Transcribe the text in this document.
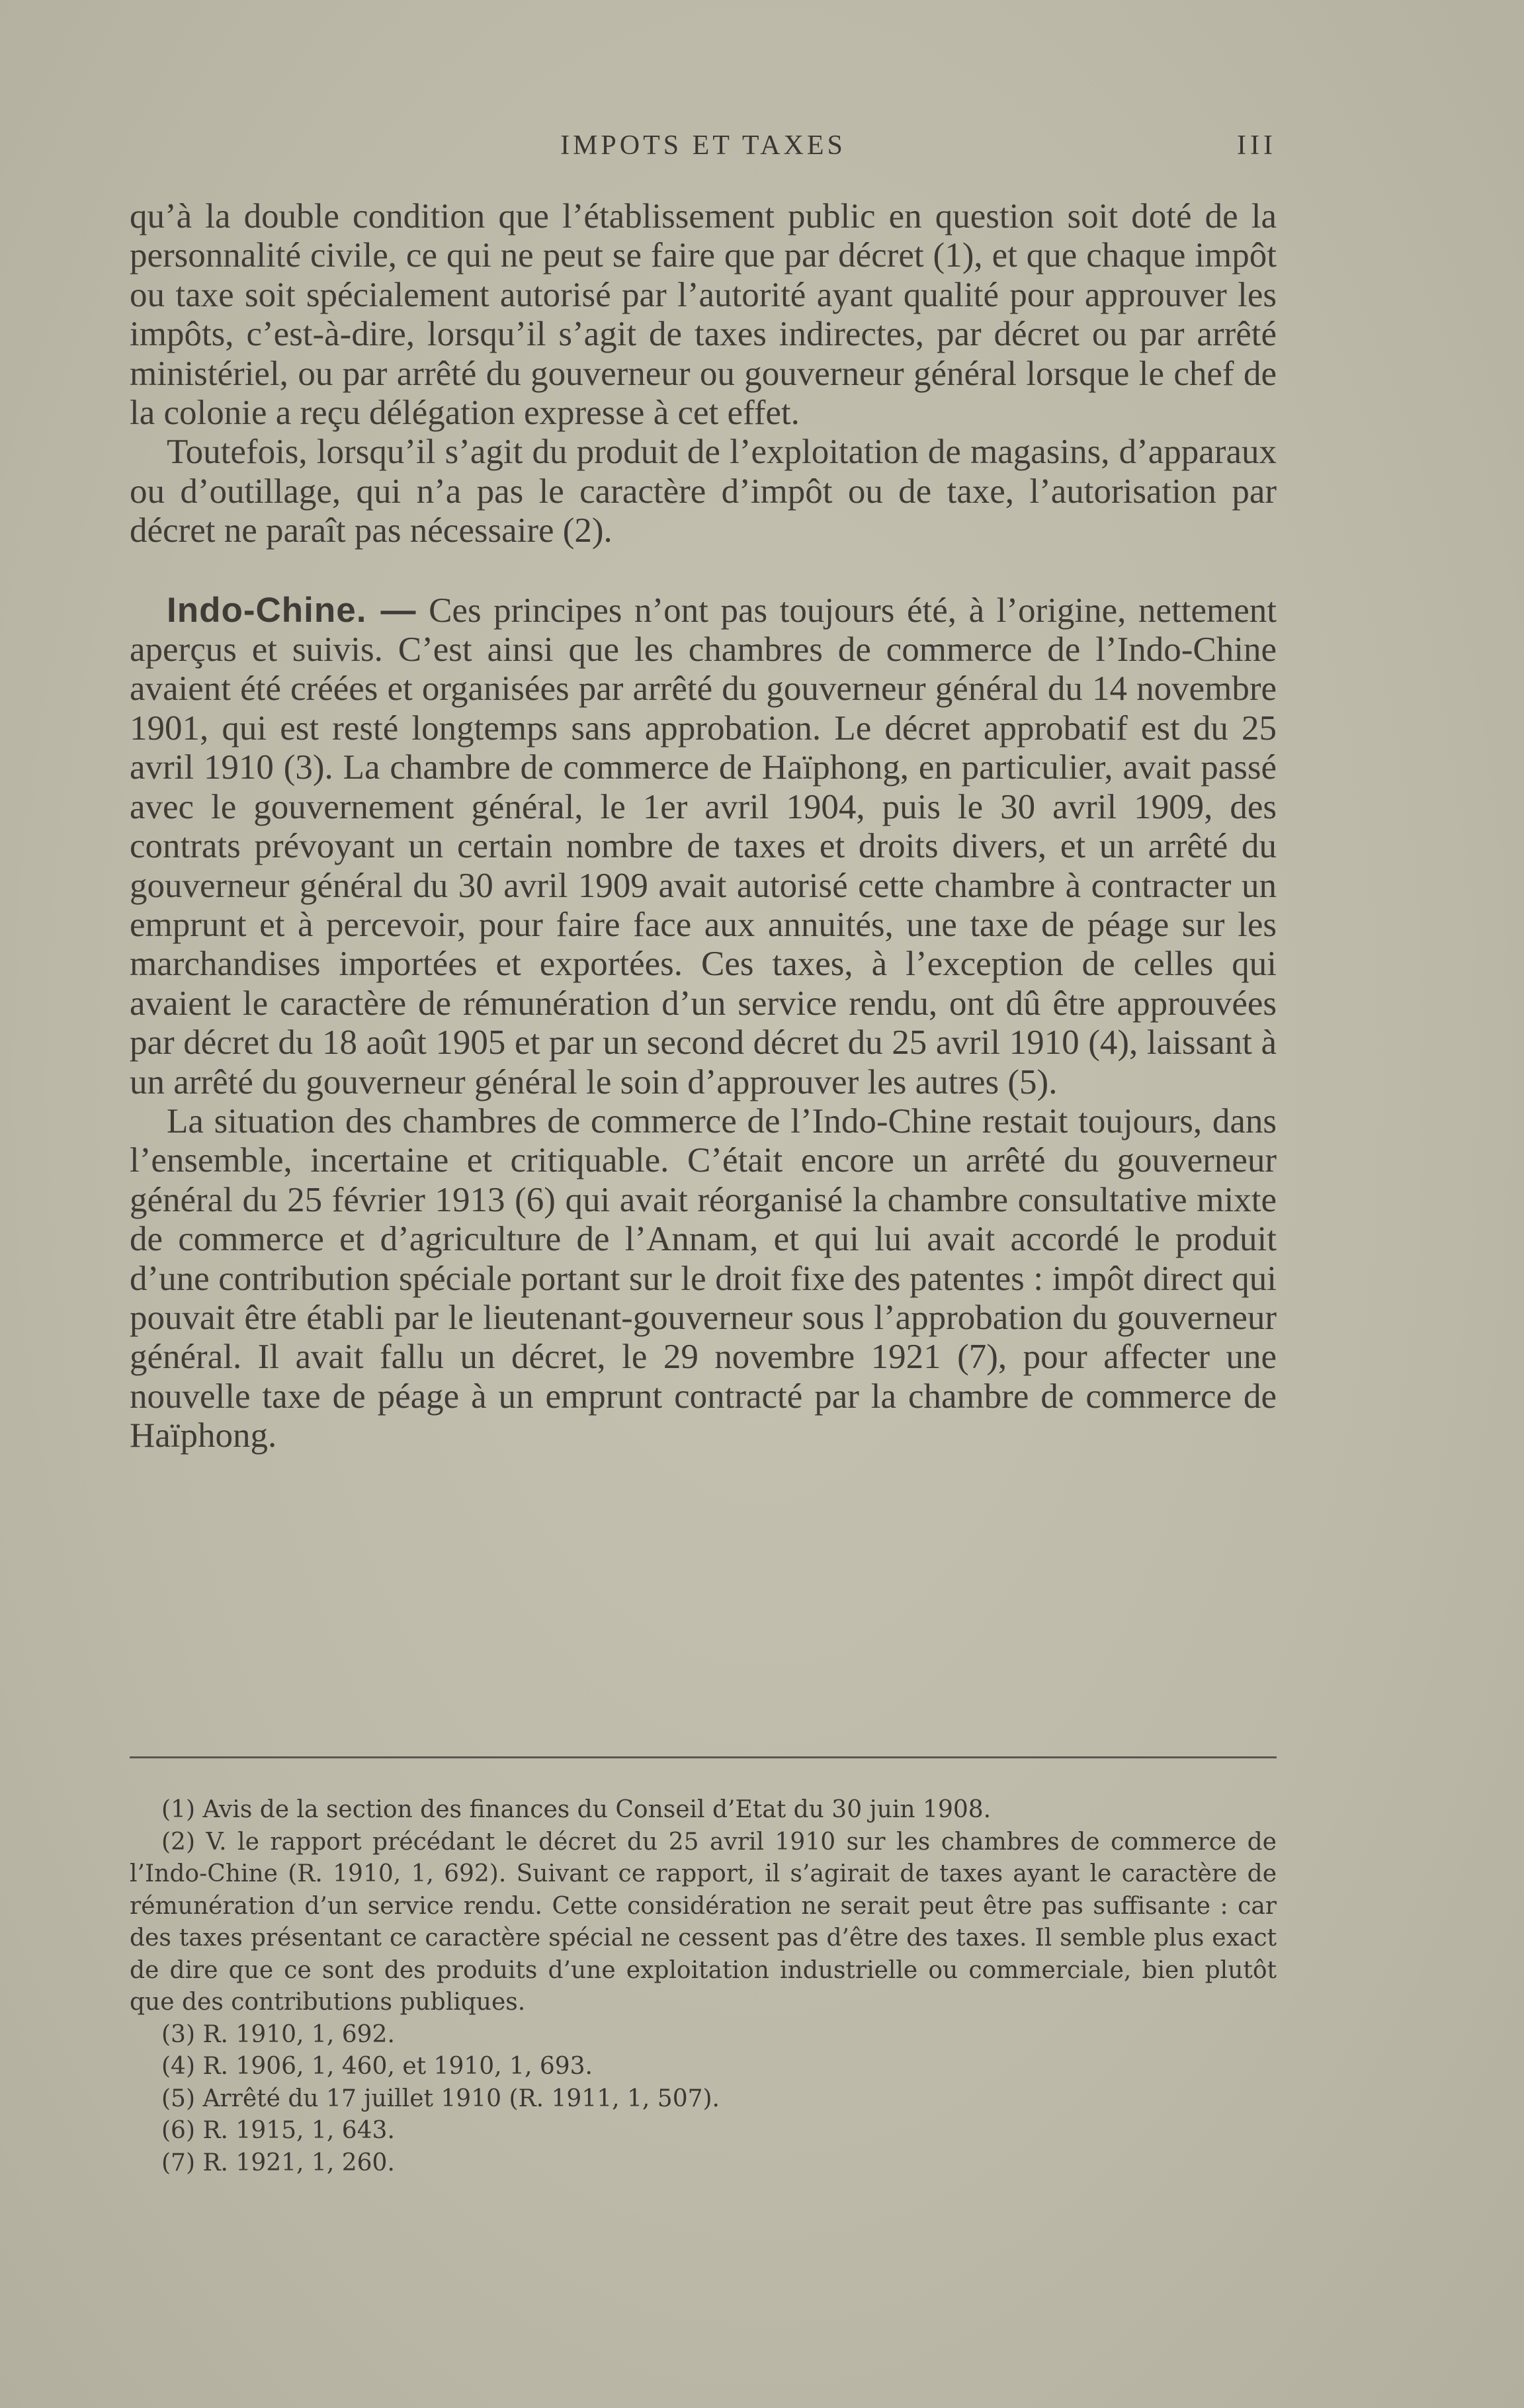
IMPOTS ET TAXES	III

qu’à la double condition que l’établissement public en question soit doté de la personnalité civile, ce qui ne peut se faire que par décret (1), et que chaque impôt ou taxe soit spécialement autorisé par l’autorité ayant qualité pour approuver les impôts, c’est-à-dire, lorsqu’il s’agit de taxes indirectes, par décret ou par arrêté ministériel, ou par arrêté du gouverneur ou gouverneur général lorsque le chef de la colonie a reçu délégation expresse à cet effet.

Toutefois, lorsqu’il s’agit du produit de l’exploitation de magasins, d’apparaux ou d’outillage, qui n’a pas le caractère d’impôt ou de taxe, l’autorisation par décret ne paraît pas nécessaire (2).

Indo-Chine. — Ces principes n’ont pas toujours été, à l’origine, nettement aperçus et suivis. C’est ainsi que les chambres de commerce de l’Indo-Chine avaient été créées et organisées par arrêté du gouverneur général du 14 novembre 1901, qui est resté longtemps sans approbation. Le décret approbatif est du 25 avril 1910 (3). La chambre de commerce de Haïphong, en particulier, avait passé avec le gouvernement général, le 1er avril 1904, puis le 30 avril 1909, des contrats prévoyant un certain nombre de taxes et droits divers, et un arrêté du gouverneur général du 30 avril 1909 avait autorisé cette chambre à contracter un emprunt et à percevoir, pour faire face aux annuités, une taxe de péage sur les marchandises importées et exportées. Ces taxes, à l’exception de celles qui avaient le caractère de rémunération d’un service rendu, ont dû être approuvées par décret du 18 août 1905 et par un second décret du 25 avril 1910 (4), laissant à un arrêté du gouverneur général le soin d’approuver les autres (5).

La situation des chambres de commerce de l’Indo-Chine restait toujours, dans l’ensemble, incertaine et critiquable. C’était encore un arrêté du gouverneur général du 25 février 1913 (6) qui avait réorganisé la chambre consultative mixte de commerce et d’agriculture de l’Annam, et qui lui avait accordé le produit d’une contribution spéciale portant sur le droit fixe des patentes : impôt direct qui pouvait être établi par le lieutenant-gouverneur sous l’approbation du gouverneur général. Il avait fallu un décret, le 29 novembre 1921 (7), pour affecter une nouvelle taxe de péage à un emprunt contracté par la chambre de commerce de Haïphong.

(1) Avis de la section des finances du Conseil d’Etat du 30 juin 1908.

(2) V. le rapport précédant le décret du 25 avril 1910 sur les chambres de commerce de l’Indo-Chine (R. 1910, 1, 692). Suivant ce rapport, il s’agirait de taxes ayant le caractère de rémunération d’un service rendu. Cette considération ne serait peut être pas suffisante : car des taxes présentant ce caractère spécial ne cessent pas d’être des taxes. Il semble plus exact de dire que ce sont des produits d’une exploitation industrielle ou commerciale, bien plutôt que des contributions publiques.

(3) R. 1910, 1, 692.

(4) R. 1906, 1, 460, et 1910, 1, 693.

(5) Arrêté du 17 juillet 1910 (R. 1911, 1, 507).

(6) R. 1915, 1, 643.

(7) R. 1921, 1, 260.
